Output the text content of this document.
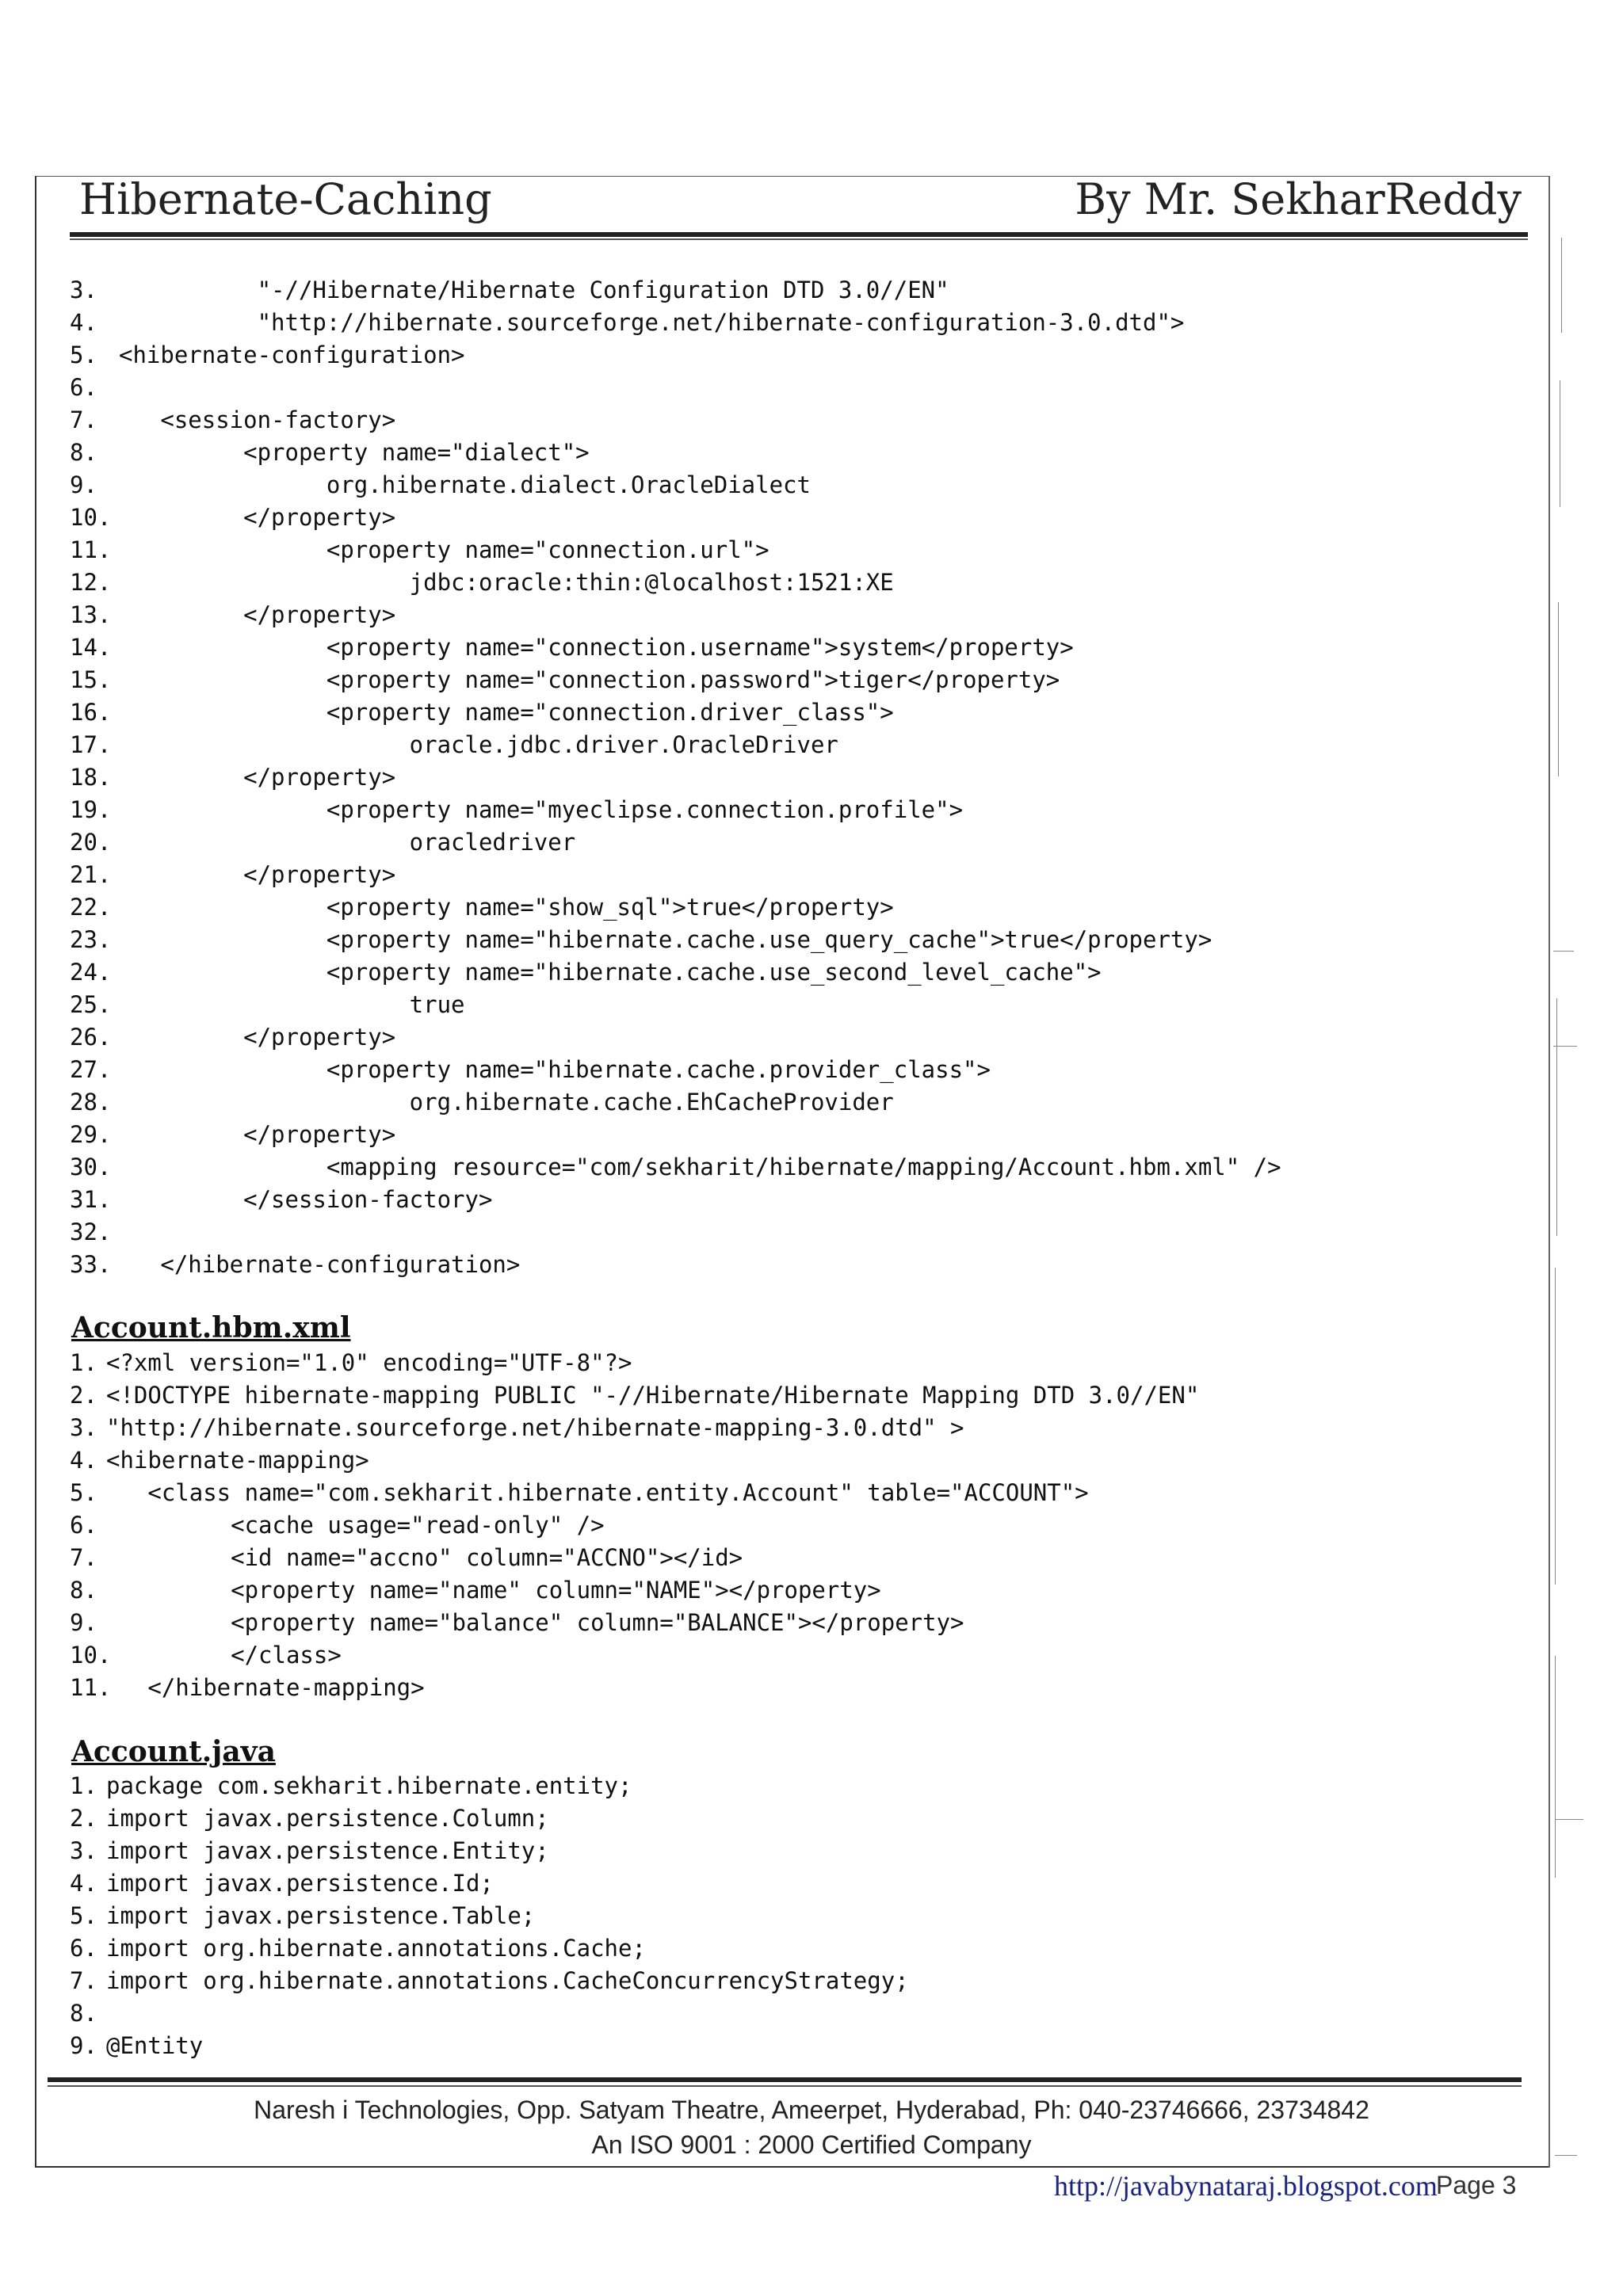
Hibernate-Caching	By Mr. SekharReddy
3.          "-//Hibernate/Hibernate Configuration DTD 3.0//EN"
4.          "http://hibernate.sourceforge.net/hibernate-configuration-3.0.dtd">
5. <hibernate-configuration>
6.
7.   <session-factory>
8.         <property name="dialect">
9.               org.hibernate.dialect.OracleDialect
10.         </property>
11.               <property name="connection.url">
12.                     jdbc:oracle:thin:@localhost:1521:XE
13.         </property>
14.               <property name="connection.username">system</property>
15.               <property name="connection.password">tiger</property>
16.               <property name="connection.driver_class">
17.                     oracle.jdbc.driver.OracleDriver
18.         </property>
19.               <property name="myeclipse.connection.profile">
20.                     oracledriver
21.         </property>
22.               <property name="show_sql">true</property>
23.               <property name="hibernate.cache.use_query_cache">true</property>
24.               <property name="hibernate.cache.use_second_level_cache">
25.                     true
26.         </property>
27.               <property name="hibernate.cache.provider_class">
28.                     org.hibernate.cache.EhCacheProvider
29.         </property>
30.               <mapping resource="com/sekharit/hibernate/mapping/Account.hbm.xml" />
31.         </session-factory>
32.
33.   </hibernate-configuration>
Account.hbm.xml
1. <?xml version="1.0" encoding="UTF-8"?>
2. <!DOCTYPE hibernate-mapping PUBLIC "-//Hibernate/Hibernate Mapping DTD 3.0//EN"
3. "http://hibernate.sourceforge.net/hibernate-mapping-3.0.dtd" >
4. <hibernate-mapping>
5.   <class name="com.sekharit.hibernate.entity.Account" table="ACCOUNT">
6.         <cache usage="read-only" />
7.         <id name="accno" column="ACCNO"></id>
8.         <property name="name" column="NAME"></property>
9.         <property name="balance" column="BALANCE"></property>
10.         </class>
11.   </hibernate-mapping>
Account.java
1. package com.sekharit.hibernate.entity;
2. import javax.persistence.Column;
3. import javax.persistence.Entity;
4. import javax.persistence.Id;
5. import javax.persistence.Table;
6. import org.hibernate.annotations.Cache;
7. import org.hibernate.annotations.CacheConcurrencyStrategy;
8.
9. @Entity
Naresh i Technologies, Opp. Satyam Theatre, Ameerpet, Hyderabad, Ph: 040-23746666, 23734842
An ISO 9001 : 2000 Certified Company
http://javabynataraj.blogspot.com
Page 3
